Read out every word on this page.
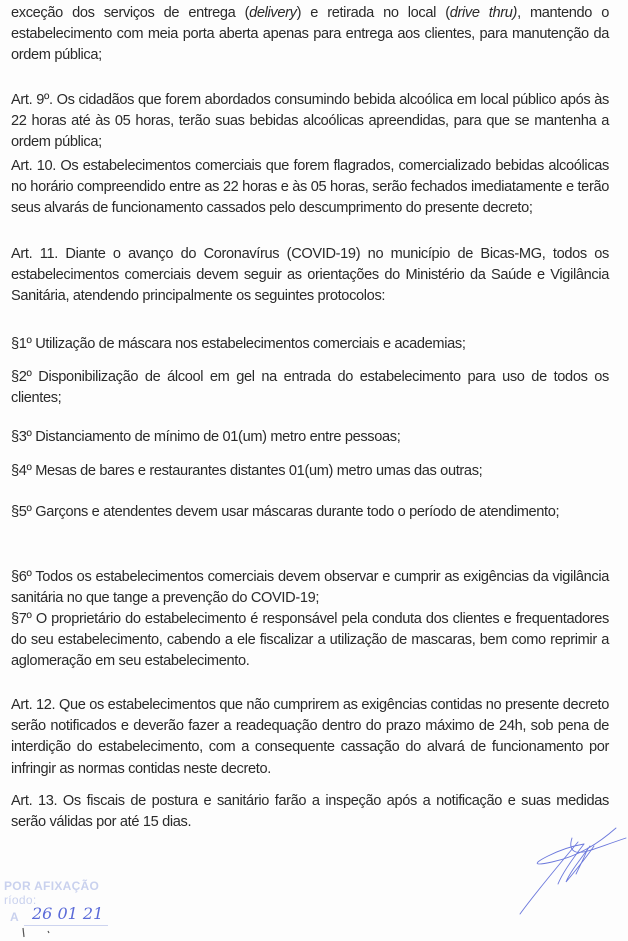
exceção dos serviços de entrega (delivery) e retirada no local (drive thru), mantendo o estabelecimento com meia porta aberta apenas para entrega aos clientes, para manutenção da ordem pública;

Art. 9º. Os cidadãos que forem abordados consumindo bebida alcoólica em local público após às 22 horas até às 05 horas, terão suas bebidas alcoólicas apreendidas, para que se mantenha a ordem pública;

Art. 10. Os estabelecimentos comerciais que forem flagrados, comercializado bebidas alcoólicas no horário compreendido entre as 22 horas e às 05 horas, serão fechados imediatamente e terão seus alvarás de funcionamento cassados pelo descumprimento do presente decreto;

Art. 11. Diante o avanço do Coronavírus (COVID-19) no município de Bicas-MG, todos os estabelecimentos comerciais devem seguir as orientações do Ministério da Saúde e Vigilância Sanitária, atendendo principalmente os seguintes protocolos:

§1º Utilização de máscara nos estabelecimentos comerciais e academias;

§2º Disponibilização de álcool em gel na entrada do estabelecimento para uso de todos os clientes;

§3º Distanciamento de mínimo de 01(um) metro entre pessoas;

§4º Mesas de bares e restaurantes distantes 01(um) metro umas das outras;

§5º Garçons e atendentes devem usar máscaras durante todo o período de atendimento;

§6º Todos os estabelecimentos comerciais devem observar e cumprir as exigências da vigilância sanitária no que tange a prevenção do COVID-19;

§7º O proprietário do estabelecimento é responsável pela conduta dos clientes e frequentadores do seu estabelecimento, cabendo a ele fiscalizar a utilização de mascaras, bem como reprimir a aglomeração em seu estabelecimento.

Art. 12. Que os estabelecimentos que não cumprirem as exigências contidas no presente decreto serão notificados e deverão fazer a readequação dentro do prazo máximo de 24h, sob pena de interdição do estabelecimento, com a consequente cassação do alvará de funcionamento por infringir as normas contidas neste decreto.

Art. 13. Os fiscais de postura e sanitário farão a inspeção após a notificação e suas medidas serão válidas por até 15 dias.

POR AFIXAÇÃO
ríodo:
A 26 01 21
